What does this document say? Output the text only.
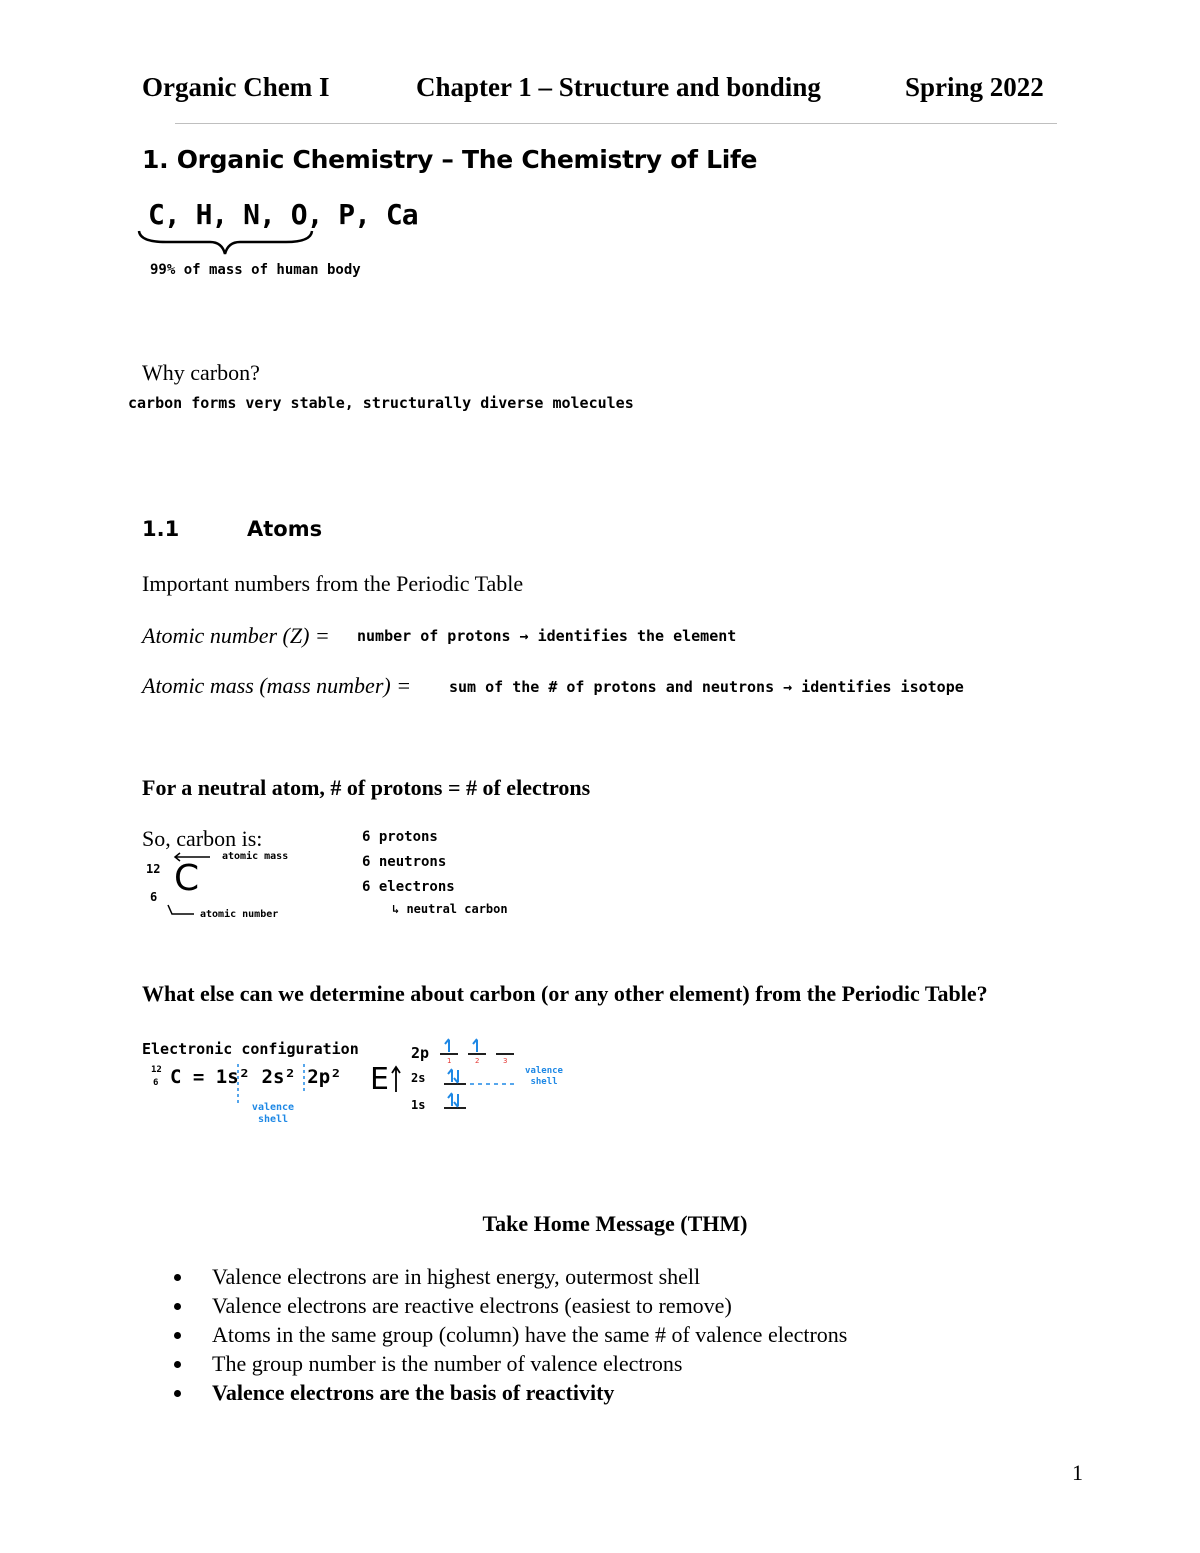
Organic Chem I	Chapter 1 – Structure and bonding	Spring 2022
1. Organic Chemistry – The Chemistry of Life
C, H, N, O, P, Ca
99% of mass of human body
Why carbon?
carbon forms very stable, structurally diverse molecules
1.1	Atoms
Important numbers from the Periodic Table
Atomic number (Z) = number of protons → identifies the element
Atomic mass (mass number) =	sum of the # of protons and neutrons → identifies isotope
For a neutral atom, # of protons = # of electrons
So, carbon is:
12
6 C
atomic mass
atomic number
6 protons
6 neutrons
6 electrons
↳ neutral carbon
What else can we determine about carbon (or any other element) from the Periodic Table?
Electronic configuration
12
6 C = 1s² 2s² 2p²
valence shell
E
2p
2s
1s
1	2	3
valence shell
Take Home Message (THM)
Valence electrons are in highest energy, outermost shell
Valence electrons are reactive electrons (easiest to remove)
Atoms in the same group (column) have the same # of valence electrons
The group number is the number of valence electrons
Valence electrons are the basis of reactivity
1
